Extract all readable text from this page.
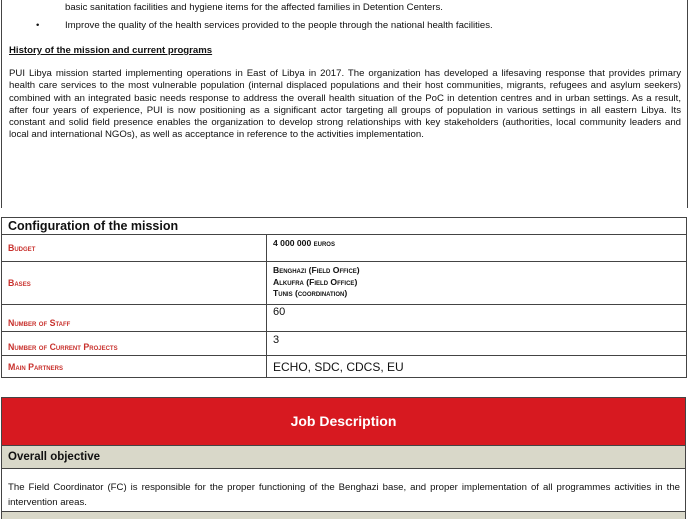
basic sanitation facilities and hygiene items for the affected families in Detention Centers.
•	Improve the quality of the health services provided to the people through the national health facilities.
History of the mission and current programs
PUI Libya mission started implementing operations in East of Libya in 2017. The organization has developed a lifesaving response that provides primary health care services to the most vulnerable population (internal displaced populations and their host communities, migrants, refugees and asylum seekers) combined with an integrated basic needs response to address the overall health situation of the PoC in detention centres and in urban settings. As a result, after four years of experience, PUI is now positioning as a significant actor targeting all groups of population in various settings in all eastern Libya. Its constant and solid field presence enables the organization to develop strong relationships with key stakeholders (authorities, local community leaders and local and international NGOs), as well as acceptance in reference to the activities implementation.
Configuration of the mission	
Budget	4 000 000 euros
Bases	Benghazi (Field Office)
Alkufra (Field Office)
Tunis (coordination)

Number of Staff	60
Number of Current Projects	3
Main Partners	ECHO, SDC, CDCS, EU
Job Description
Overall objective
The Field Coordinator (FC) is responsible for the proper functioning of the Benghazi base, and proper implementation of all programmes activities in the intervention areas.
